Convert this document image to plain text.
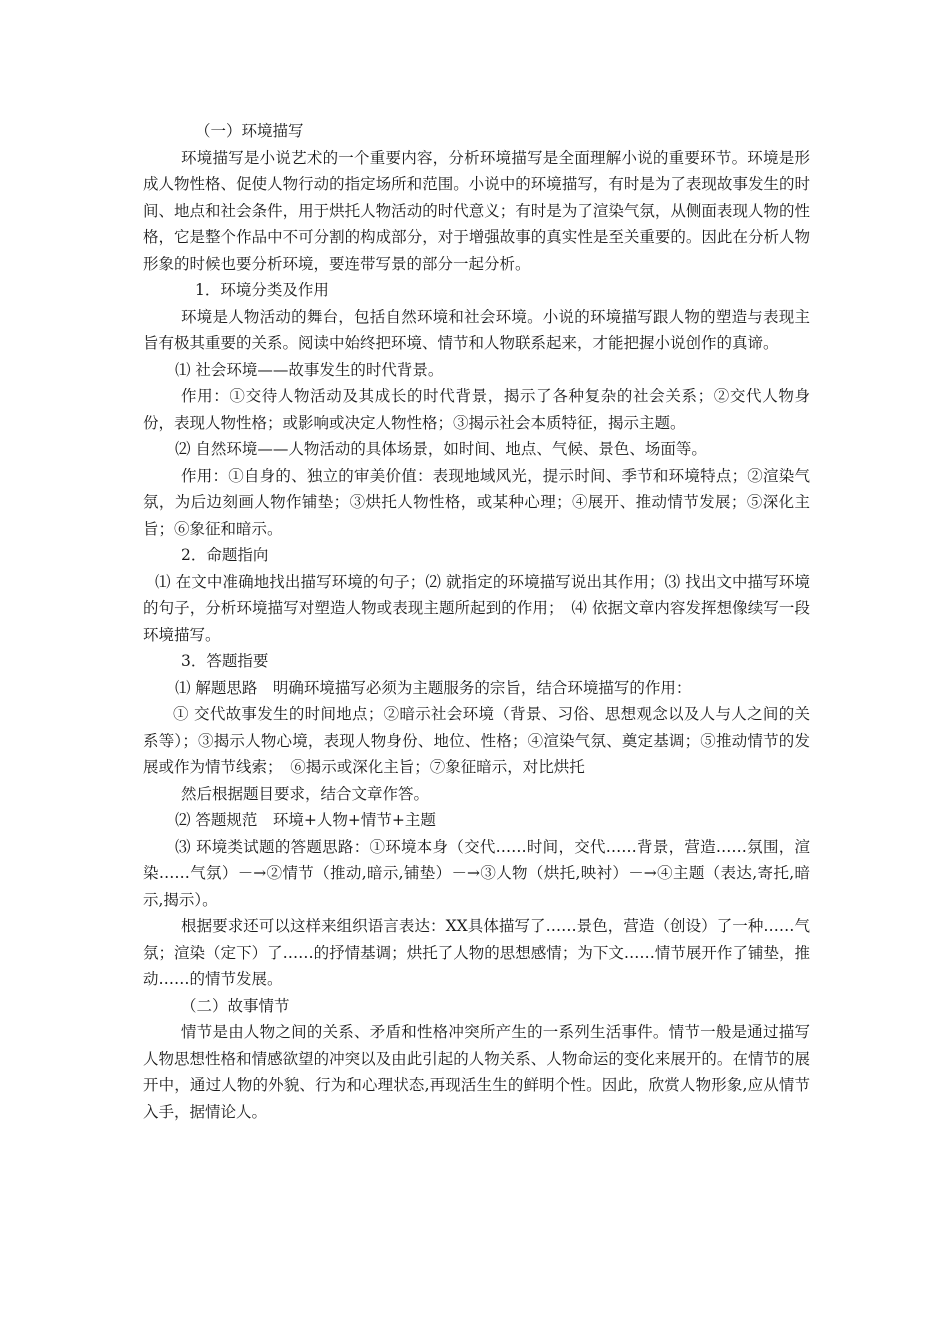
（一）环境描写

环境描写是小说艺术的一个重要内容，分析环境描写是全面理解小说的重要环节。环境是形成人物性格、促使人物行动的指定场所和范围。小说中的环境描写，有时是为了表现故事发生的时间、地点和社会条件，用于烘托人物活动的时代意义；有时是为了渲染气氛，从侧面表现人物的性格，它是整个作品中不可分割的构成部分，对于增强故事的真实性是至关重要的。因此在分析人物形象的时候也要分析环境，要连带写景的部分一起分析。

1．环境分类及作用

环境是人物活动的舞台，包括自然环境和社会环境。小说的环境描写跟人物的塑造与表现主旨有极其重要的关系。阅读中始终把环境、情节和人物联系起来，才能把握小说创作的真谛。

⑴ 社会环境——故事发生的时代背景。

作用：①交待人物活动及其成长的时代背景，揭示了各种复杂的社会关系；②交代人物身份，表现人物性格；或影响或决定人物性格；③揭示社会本质特征，揭示主题。

⑵ 自然环境——人物活动的具体场景，如时间、地点、气候、景色、场面等。

作用：①自身的、独立的审美价值：表现地域风光，提示时间、季节和环境特点；②渲染气氛，为后边刻画人物作铺垫；③烘托人物性格，或某种心理；④展开、推动情节发展；⑤深化主旨；⑥象征和暗示。

2．命题指向

⑴ 在文中准确地找出描写环境的句子；⑵ 就指定的环境描写说出其作用；⑶ 找出文中描写环境的句子，分析环境描写对塑造人物或表现主题所起到的作用；　⑷ 依据文章内容发挥想像续写一段环境描写。

3．答题指要

⑴ 解题思路　明确环境描写必须为主题服务的宗旨，结合环境描写的作用：

① 交代故事发生的时间地点；②暗示社会环境（背景、习俗、思想观念以及人与人之间的关系等）；③揭示人物心境，表现人物身份、地位、性格；④渲染气氛、奠定基调；⑤推动情节的发展或作为情节线索；　⑥揭示或深化主旨；⑦象征暗示，对比烘托

然后根据题目要求，结合文章作答。

⑵ 答题规范　环境+人物+情节+主题

⑶ 环境类试题的答题思路：①环境本身（交代……时间，交代……背景，营造……氛围，渲染……气氛）－→②情节（推动,暗示,铺垫）－→③人物（烘托,映衬）－→④主题（表达,寄托,暗示,揭示）。

根据要求还可以这样来组织语言表达：XX具体描写了……景色，营造（创设）了一种……气氛；渲染（定下）了……的抒情基调；烘托了人物的思想感情；为下文……情节展开作了铺垫，推动……的情节发展。

（二）故事情节

情节是由人物之间的关系、矛盾和性格冲突所产生的一系列生活事件。情节一般是通过描写人物思想性格和情感欲望的冲突以及由此引起的人物关系、人物命运的变化来展开的。在情节的展开中，通过人物的外貌、行为和心理状态,再现活生生的鲜明个性。因此，欣赏人物形象,应从情节入手，据情论人。
